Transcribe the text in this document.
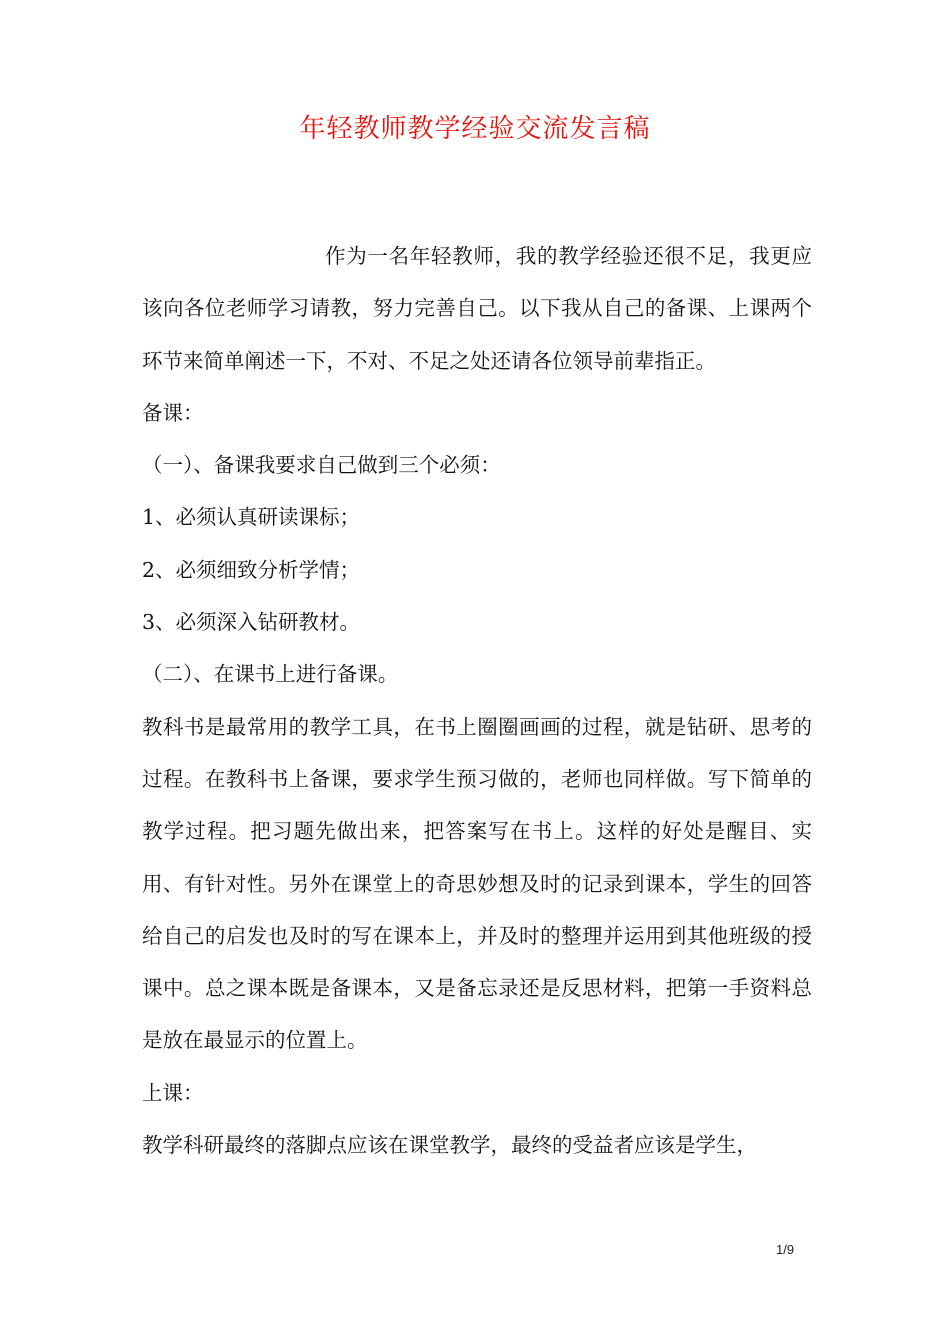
年轻教师教学经验交流发言稿

作为一名年轻教师，我的教学经验还很不足，我更应该向各位老师学习请教，努力完善自己。以下我从自己的备课、上课两个环节来简单阐述一下，不对、不足之处还请各位领导前辈指正。

备课：

（一）、备课我要求自己做到三个必须：

1、必须认真研读课标；

2、必须细致分析学情；

3、必须深入钻研教材。

（二）、在课书上进行备课。

教科书是最常用的教学工具，在书上圈圈画画的过程，就是钻研、思考的过程。在教科书上备课，要求学生预习做的，老师也同样做。写下简单的教学过程。把习题先做出来，把答案写在书上。这样的好处是醒目、实用、有针对性。另外在课堂上的奇思妙想及时的记录到课本，学生的回答给自己的启发也及时的写在课本上，并及时的整理并运用到其他班级的授课中。总之课本既是备课本，又是备忘录还是反思材料，把第一手资料总是放在最显示的位置上。

上课：

教学科研最终的落脚点应该在课堂教学，最终的受益者应该是学生，

1/9
